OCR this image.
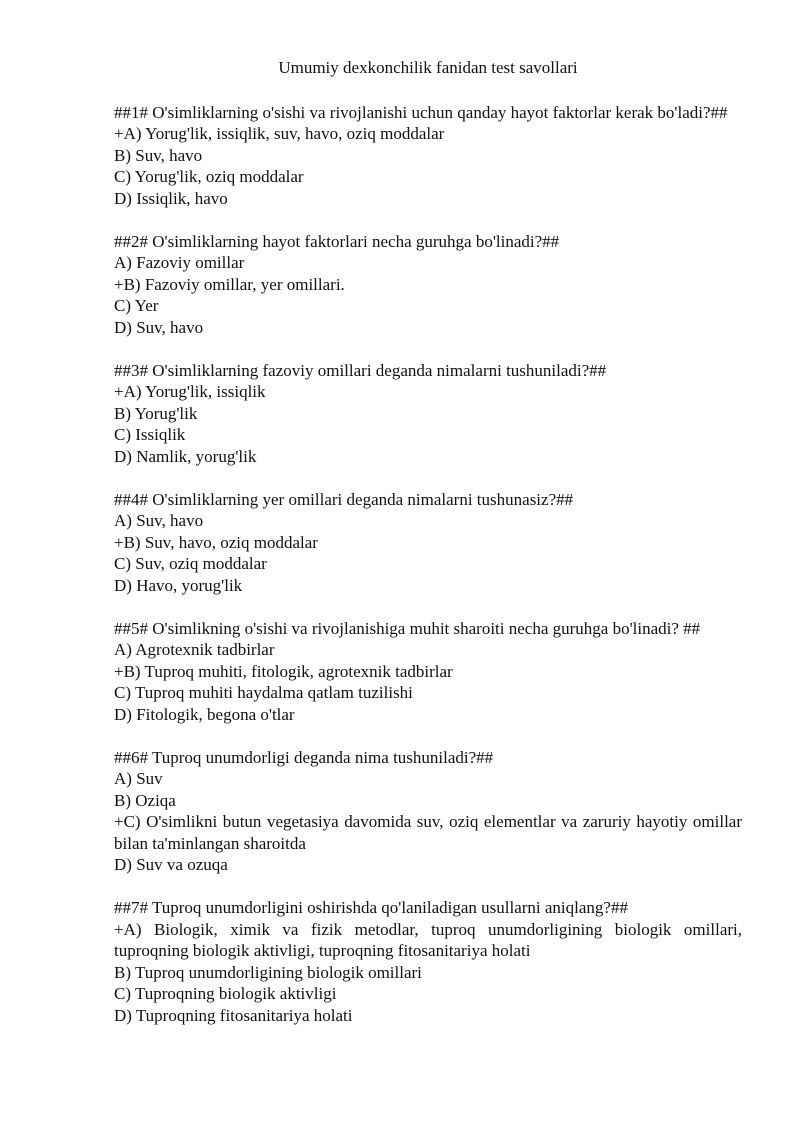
Umumiy dexkonchilik fanidan test savollari

##1# O'simliklarning o'sishi va rivojlanishi uchun qanday hayot faktorlar kerak bo'ladi?##

+A) Yorug'lik, issiqlik, suv, havo, oziq moddalar

B) Suv, havo

C) Yorug'lik, oziq moddalar

D) Issiqlik, havo

##2# O'simliklarning hayot faktorlari necha guruhga bo'linadi?##

A) Fazoviy omillar

+B) Fazoviy omillar, yer omillari.

C) Yer

D) Suv, havo

##3# O'simliklarning fazoviy omillari deganda nimalarni tushuniladi?##

+A) Yorug'lik, issiqlik

B) Yorug'lik

C) Issiqlik

D) Namlik, yorug'lik

##4# O'simliklarning yer omillari deganda nimalarni tushunasiz?##

A) Suv, havo

+B) Suv, havo, oziq moddalar

C) Suv, oziq moddalar

D) Havo, yorug'lik

##5# O'simlikning o'sishi va rivojlanishiga muhit sharoiti necha guruhga bo'linadi? ##

A) Agrotexnik tadbirlar

+B) Tuproq muhiti, fitologik, agrotexnik tadbirlar

C) Tuproq muhiti haydalma qatlam tuzilishi

D) Fitologik, begona o'tlar

##6# Tuproq unumdorligi deganda nima tushuniladi?##

A) Suv

B) Oziqa

+C) O'simlikni butun vegetasiya davomida suv, oziq elementlar va zaruriy hayotiy omillar bilan ta'minlangan sharoitda

D) Suv va ozuqa

##7# Tuproq unumdorligini oshirishda qo'laniladigan usullarni aniqlang?##

+A) Biologik, ximik va fizik metodlar, tuproq unumdorligining biologik omillari, tuproqning biologik aktivligi, tuproqning fitosanitariya holati

B) Tuproq unumdorligining biologik omillari

C) Tuproqning biologik aktivligi

D) Tuproqning fitosanitariya holati
